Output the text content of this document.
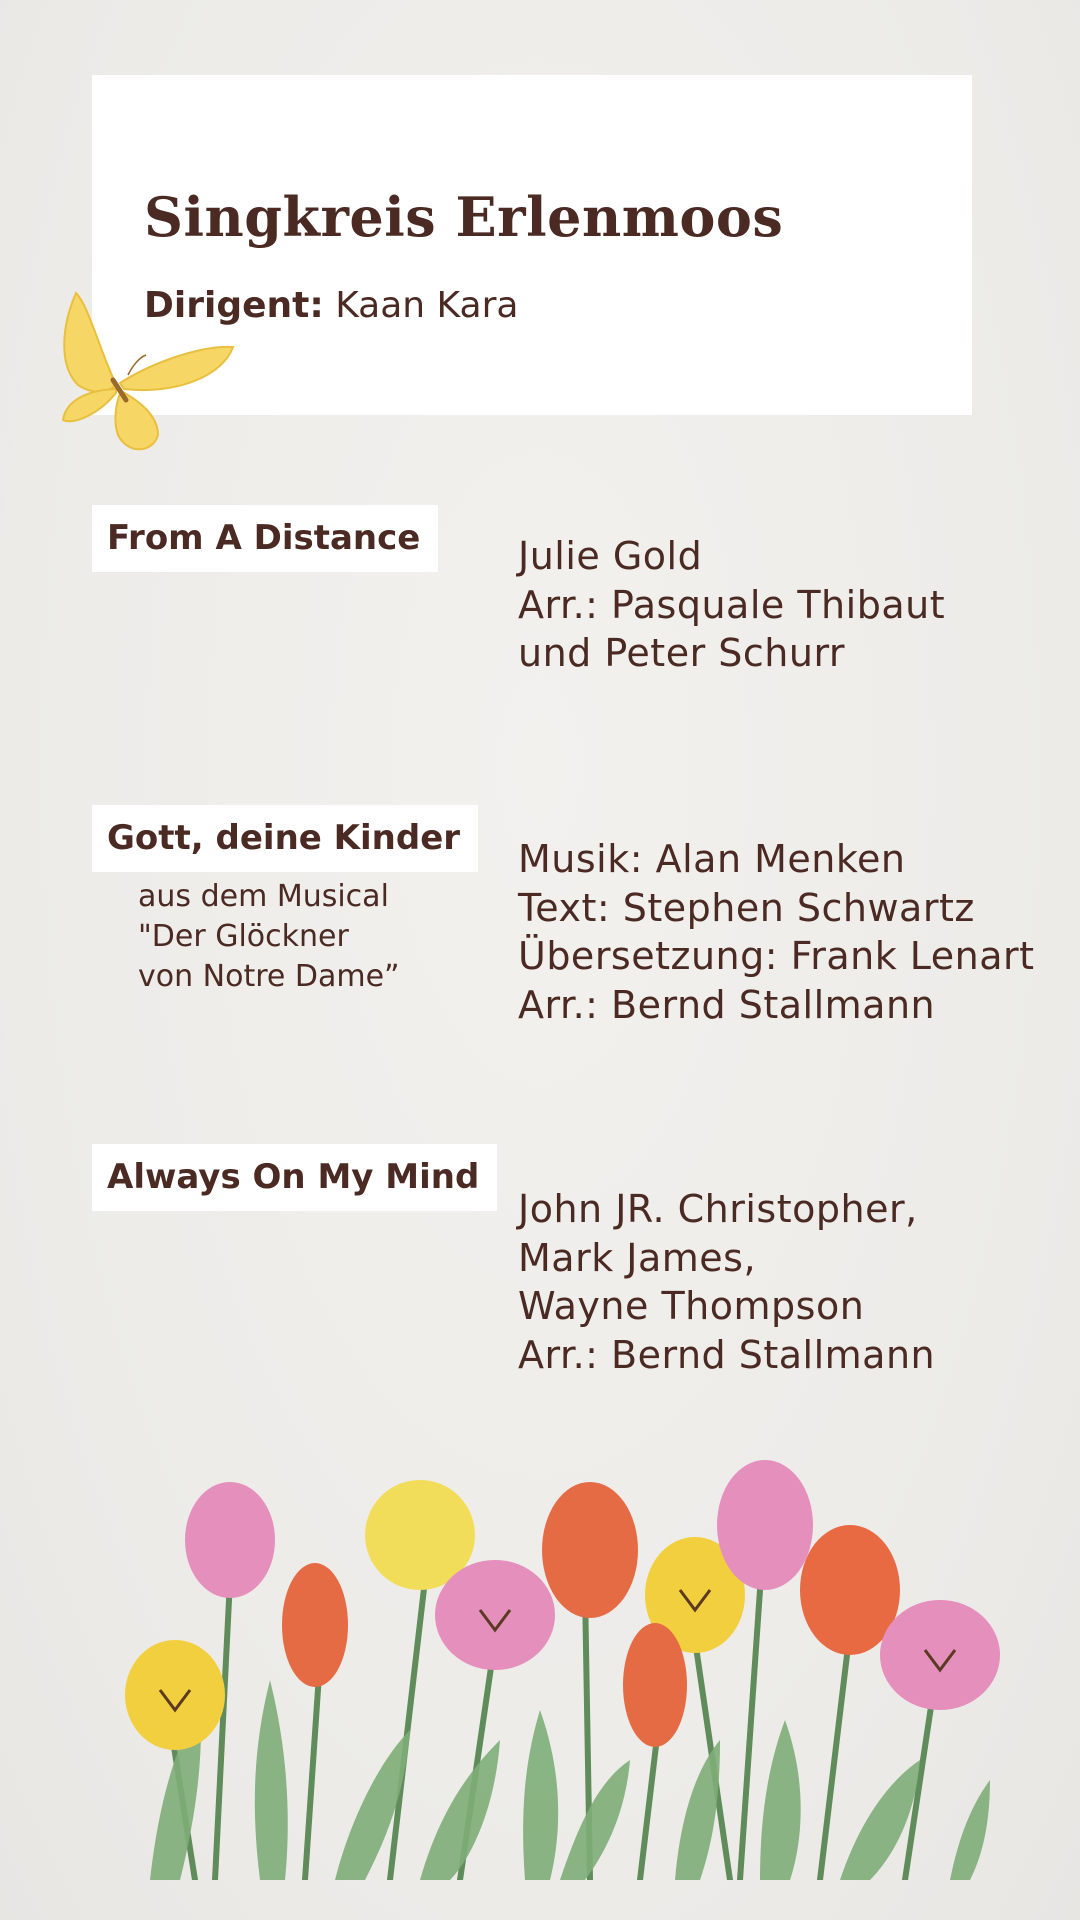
Singkreis Erlenmoos

Dirigent: Kaan Kara

From A Distance	Julie Gold
Arr.: Pasquale Thibaut
und Peter Schurr
Gott, deine Kinder
aus dem Musical
"Der Glöckner
von Notre Dame”
Musik: Alan Menken
Text: Stephen Schwartz
Übersetzung: Frank Lenart
Arr.: Bernd Stallmann
Always On My Mind
John JR. Christopher,
Mark James,
Wayne Thompson
Arr.: Bernd Stallmann
